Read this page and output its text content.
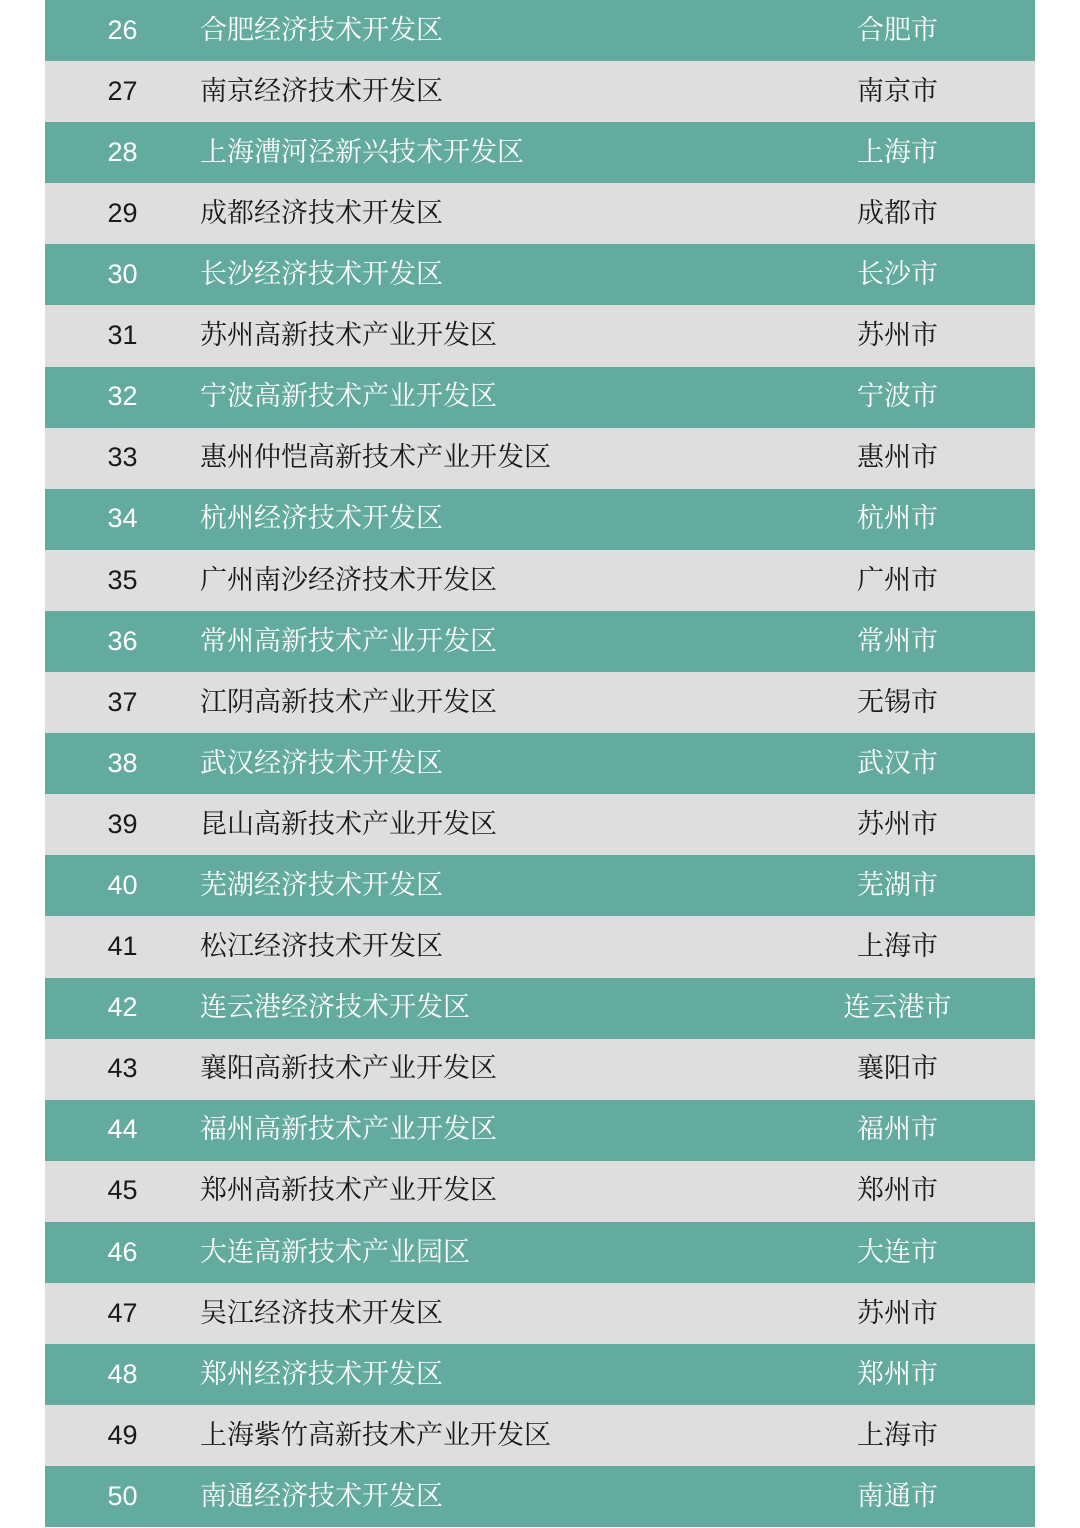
26	合肥经济技术开发区	合肥市
27	南京经济技术开发区	南京市
28	上海漕河泾新兴技术开发区	上海市
29	成都经济技术开发区	成都市
30	长沙经济技术开发区	长沙市
31	苏州高新技术产业开发区	苏州市
32	宁波高新技术产业开发区	宁波市
33	惠州仲恺高新技术产业开发区	惠州市
34	杭州经济技术开发区	杭州市
35	广州南沙经济技术开发区	广州市
36	常州高新技术产业开发区	常州市
37	江阴高新技术产业开发区	无锡市
38	武汉经济技术开发区	武汉市
39	昆山高新技术产业开发区	苏州市
40	芜湖经济技术开发区	芜湖市
41	松江经济技术开发区	上海市
42	连云港经济技术开发区	连云港市
43	襄阳高新技术产业开发区	襄阳市
44	福州高新技术产业开发区	福州市
45	郑州高新技术产业开发区	郑州市
46	大连高新技术产业园区	大连市
47	吴江经济技术开发区	苏州市
48	郑州经济技术开发区	郑州市
49	上海紫竹高新技术产业开发区	上海市
50	南通经济技术开发区	南通市
